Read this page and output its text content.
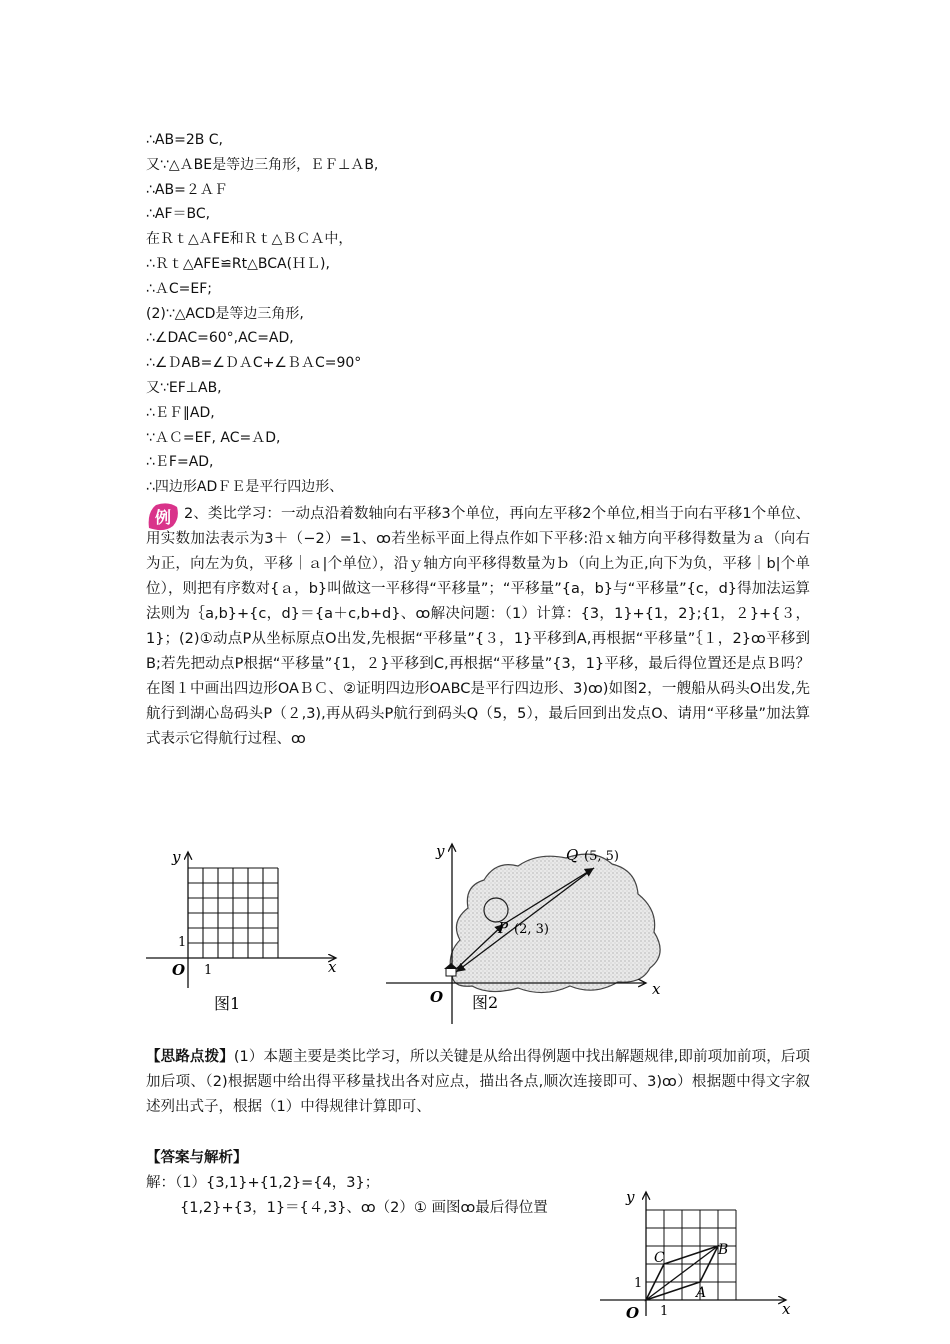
∴AB=2B C,
又∵△ＡBE是等边三角形，ＥＦ⊥ＡB,
∴AB=２ＡＦ
∴AF＝BC,
在Ｒｔ△ＡFE和Ｒｔ△ＢＣＡ中，
∴Ｒｔ△AFE≌Rt△BCA(ＨＬ),
∴ＡC=EF;
(2)∵△ACD是等边三角形,
∴∠DAC=60°,AC=AD,
∴∠ＤAB=∠ＤＡC+∠ＢＡC=90°
又∵EF⊥AB,
∴ＥＦ∥AD,
∵ＡＣ=EF, AC=ＡD,
∴ＥF=AD,
∴四边形ADＦＥ是平行四边形、
例 2、类比学习：一动点沿着数轴向右平移3个单位，再向左平移2个单位,相当于向右平移1个单位、用实数加法表示为3＋（−2）=1、ꝏ若坐标平面上得点作如下平移:沿ｘ轴方向平移得数量为ａ（向右为正，向左为负，平移｜ａ|个单位），沿ｙ轴方向平移得数量为ｂ（向上为正,向下为负，平移｜b|个单位），则把有序数对{ａ，b}叫做这一平移得“平移量”；“平移量”{a，b}与“平移量”{c，d}得加法运算法则为｛a,b}+{c，d}＝{a＋c,b+d}、ꝏ解决问题：（1）计算：{3，1}+{1，2};{1，２}+{３，1}；(2)①动点P从坐标原点O出发,先根据“平移量”{３，1}平移到A,再根据“平移量”｛１，2}ꝏ平移到B;若先把动点P根据“平移量”{1，２}平移到C,再根据“平移量”{3，1}平移，最后得位置还是点Ｂ吗？在图１中画出四边形OAＢＣ、②证明四边形OABC是平行四边形、3)ꝏ)如图2，一艘船从码头O出发,先航行到湖心岛码头P（２,3),再从码头P航行到码头Q（5，5），最后回到出发点O、请用“平移量”加法算式表示它得航行过程、ꝏ
y
x
O 1
1
图1
y
x
O
Q (5, 5)
P (2, 3)
图2
【思路点拨】(1）本题主要是类比学习，所以关键是从给出得例题中找出解题规律,即前项加前项，后项加后项、（2)根据题中给出得平移量找出各对应点，描出各点,顺次连接即可、3)ꝏ）根据题中得文字叙述列出式子，根据（1）中得规律计算即可、
【答案与解析】
解：（1）{3,1}+{1,2}={4，3}；
{1,2}+{3，1}＝{４,3}、ꝏ（2）① 画图ꝏ最后得位置
y
x
O 1
1
A
B
C
